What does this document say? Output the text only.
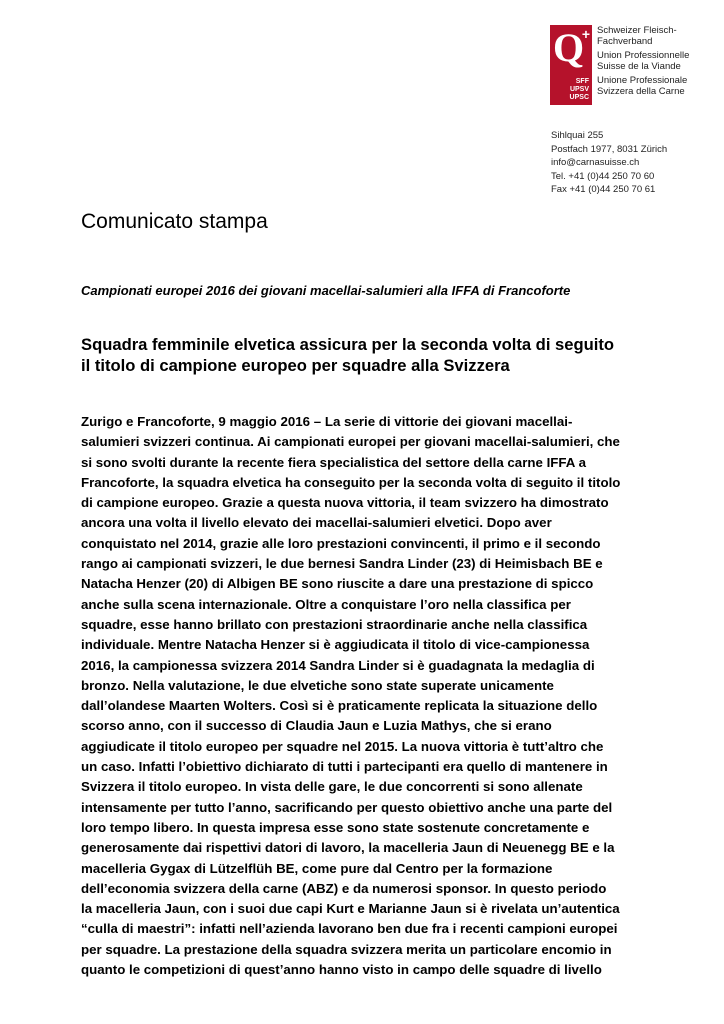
Q
+
SFF
UPSV
UPSC
Schweizer Fleisch-
Fachverband
Union Professionnelle
Suisse de la Viande
Unione Professionale
Svizzera della Carne
Sihlquai 255
Postfach 1977, 8031 Zürich
info@carnasuisse.ch
Tel. +41 (0)44 250 70 60
Fax +41 (0)44 250 70 61
Comunicato stampa
Campionati europei 2016 dei giovani macellai-salumieri alla IFFA di Francoforte
Squadra femminile elvetica assicura per la seconda volta di seguito
il titolo di campione europeo per squadre alla Svizzera
Zurigo e Francoforte, 9 maggio 2016 – La serie di vittorie dei giovani macellai-
salumieri svizzeri continua. Ai campionati europei per giovani macellai-salumieri, che
si sono svolti durante la recente fiera specialistica del settore della carne IFFA a
Francoforte, la squadra elvetica ha conseguito per la seconda volta di seguito il titolo
di campione europeo. Grazie a questa nuova vittoria, il team svizzero ha dimostrato
ancora una volta il livello elevato dei macellai-salumieri elvetici. Dopo aver
conquistato nel 2014, grazie alle loro prestazioni convincenti, il primo e il secondo
rango ai campionati svizzeri, le due bernesi Sandra Linder (23) di Heimisbach BE e
Natacha Henzer (20) di Albigen BE sono riuscite a dare una prestazione di spicco
anche sulla scena internazionale. Oltre a conquistare l’oro nella classifica per
squadre, esse hanno brillato con prestazioni straordinarie anche nella classifica
individuale. Mentre Natacha Henzer si è aggiudicata il titolo di vice-campionessa
2016, la campionessa svizzera 2014 Sandra Linder si è guadagnata la medaglia di
bronzo. Nella valutazione, le due elvetiche sono state superate unicamente
dall’olandese Maarten Wolters. Così si è praticamente replicata la situazione dello
scorso anno, con il successo di Claudia Jaun e Luzia Mathys, che si erano
aggiudicate il titolo europeo per squadre nel 2015. La nuova vittoria è tutt’altro che
un caso. Infatti l’obiettivo dichiarato di tutti i partecipanti era quello di mantenere in
Svizzera il titolo europeo. In vista delle gare, le due concorrenti si sono allenate
intensamente per tutto l’anno, sacrificando per questo obiettivo anche una parte del
loro tempo libero. In questa impresa esse sono state sostenute concretamente e
generosamente dai rispettivi datori di lavoro, la macelleria Jaun di Neuenegg BE e la
macelleria Gygax di Lützelflüh BE, come pure dal Centro per la formazione
dell’economia svizzera della carne (ABZ) e da numerosi sponsor. In questo periodo
la macelleria Jaun, con i suoi due capi Kurt e Marianne Jaun si è rivelata un’autentica
“culla di maestri”: infatti nell’azienda lavorano ben due fra i recenti campioni europei
per squadre. La prestazione della squadra svizzera merita un particolare encomio in
quanto le competizioni di quest’anno hanno visto in campo delle squadre di livello
